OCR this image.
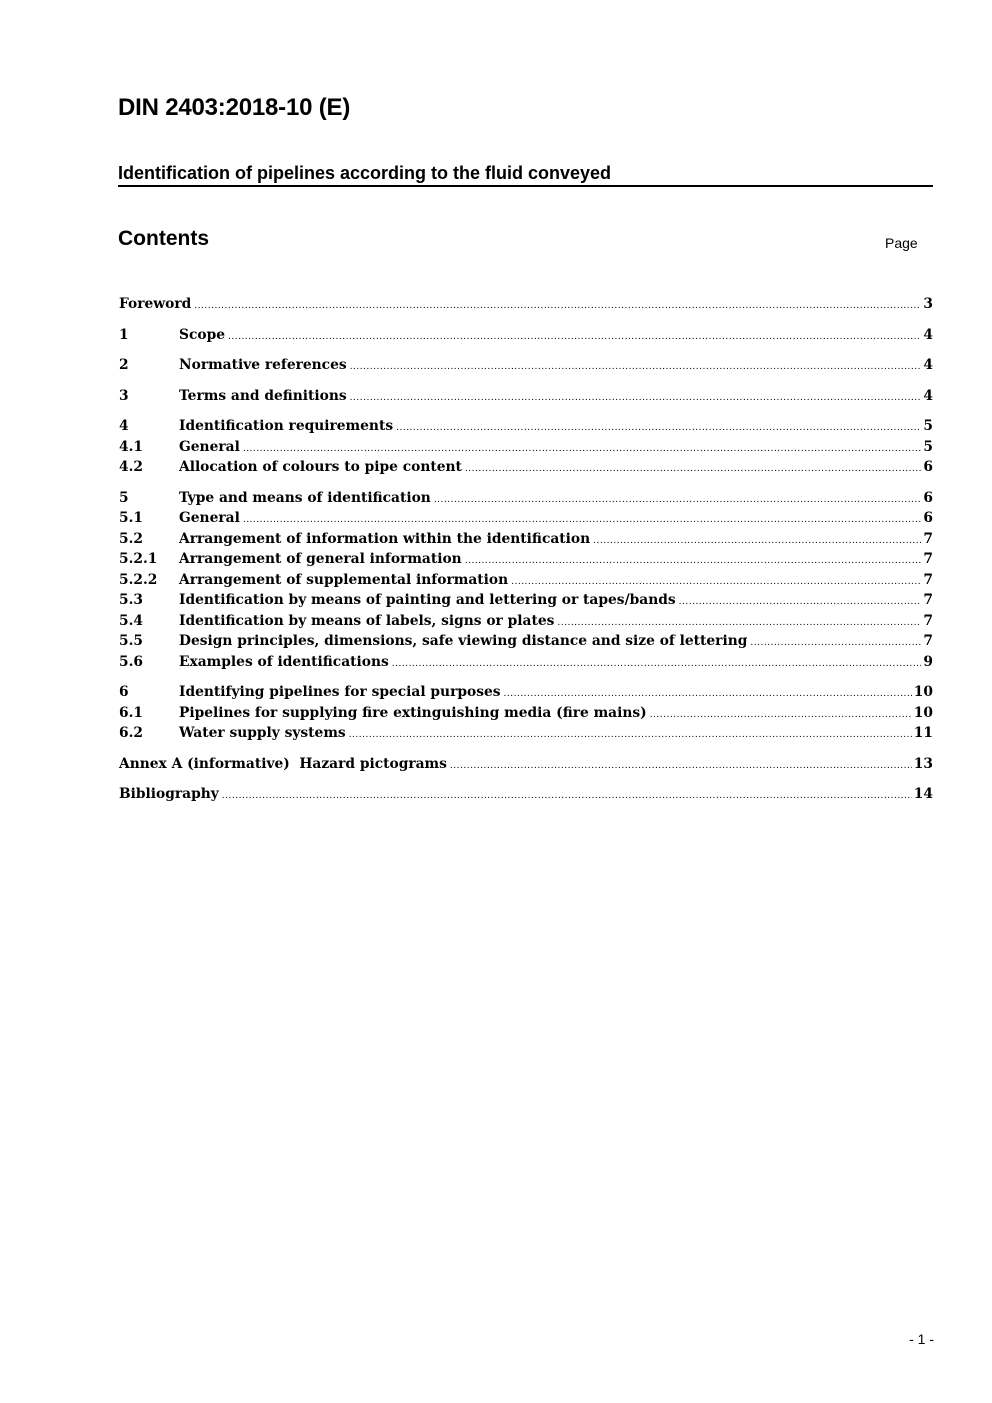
DIN 2403:2018-10 (E)
Identification of pipelines according to the fluid conveyed
Contents	Page
Foreword .....	3
1	Scope .....	4
2	Normative references .....	4
3	Terms and definitions .....	4
4	Identification requirements .....	5
4.1	General .....	5
4.2	Allocation of colours to pipe content .....	6
5	Type and means of identification .....	6
5.1	General .....	6
5.2	Arrangement of information within the identification .....	7
5.2.1	Arrangement of general information .....	7
5.2.2	Arrangement of supplemental information .....	7
5.3	Identification by means of painting and lettering or tapes/bands .....	7
5.4	Identification by means of labels, signs or plates .....	7
5.5	Design principles, dimensions, safe viewing distance and size of lettering .....	7
5.6	Examples of identifications .....	9
6	Identifying pipelines for special purposes .....	10
6.1	Pipelines for supplying fire extinguishing media (fire mains) .....	10
6.2	Water supply systems .....	11
Annex A (informative)  Hazard pictograms .....	13
Bibliography .....	14
- 1 -
